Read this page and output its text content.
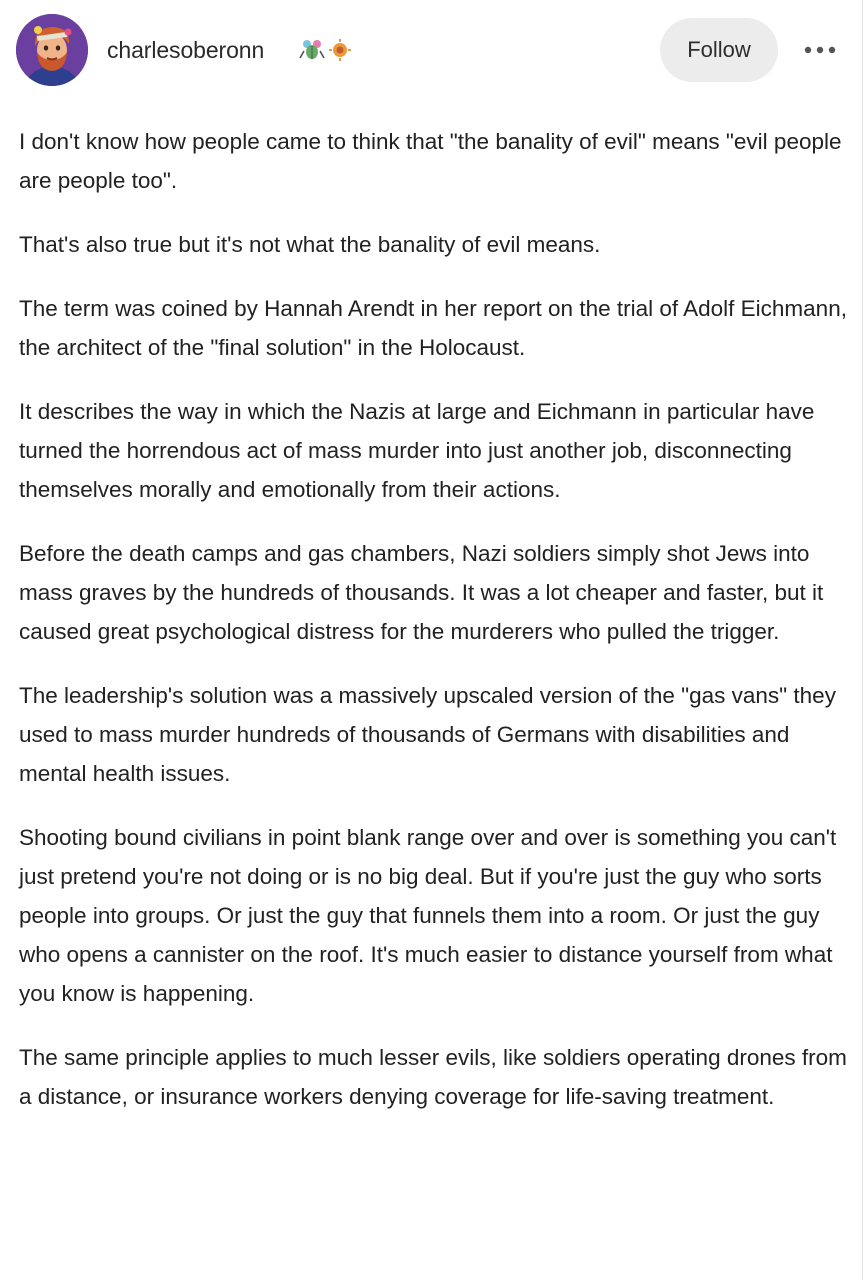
charlesoberonn	Follow

I don't know how people came to think that "the banality of evil" means "evil people are people too".

That's also true but it's not what the banality of evil means.

The term was coined by Hannah Arendt in her report on the trial of Adolf Eichmann, the architect of the "final solution" in the Holocaust.

It describes the way in which the Nazis at large and Eichmann in particular have turned the horrendous act of mass murder into just another job, disconnecting themselves morally and emotionally from their actions.

Before the death camps and gas chambers, Nazi soldiers simply shot Jews into mass graves by the hundreds of thousands. It was a lot cheaper and faster, but it caused great psychological distress for the murderers who pulled the trigger.

The leadership's solution was a massively upscaled version of the "gas vans" they used to mass murder hundreds of thousands of Germans with disabilities and mental health issues.

Shooting bound civilians in point blank range over and over is something you can't just pretend you're not doing or is no big deal. But if you're just the guy who sorts people into groups. Or just the guy that funnels them into a room. Or just the guy who opens a cannister on the roof. It's much easier to distance yourself from what you know is happening.

The same principle applies to much lesser evils, like soldiers operating drones from a distance, or insurance workers denying coverage for life-saving treatment.
